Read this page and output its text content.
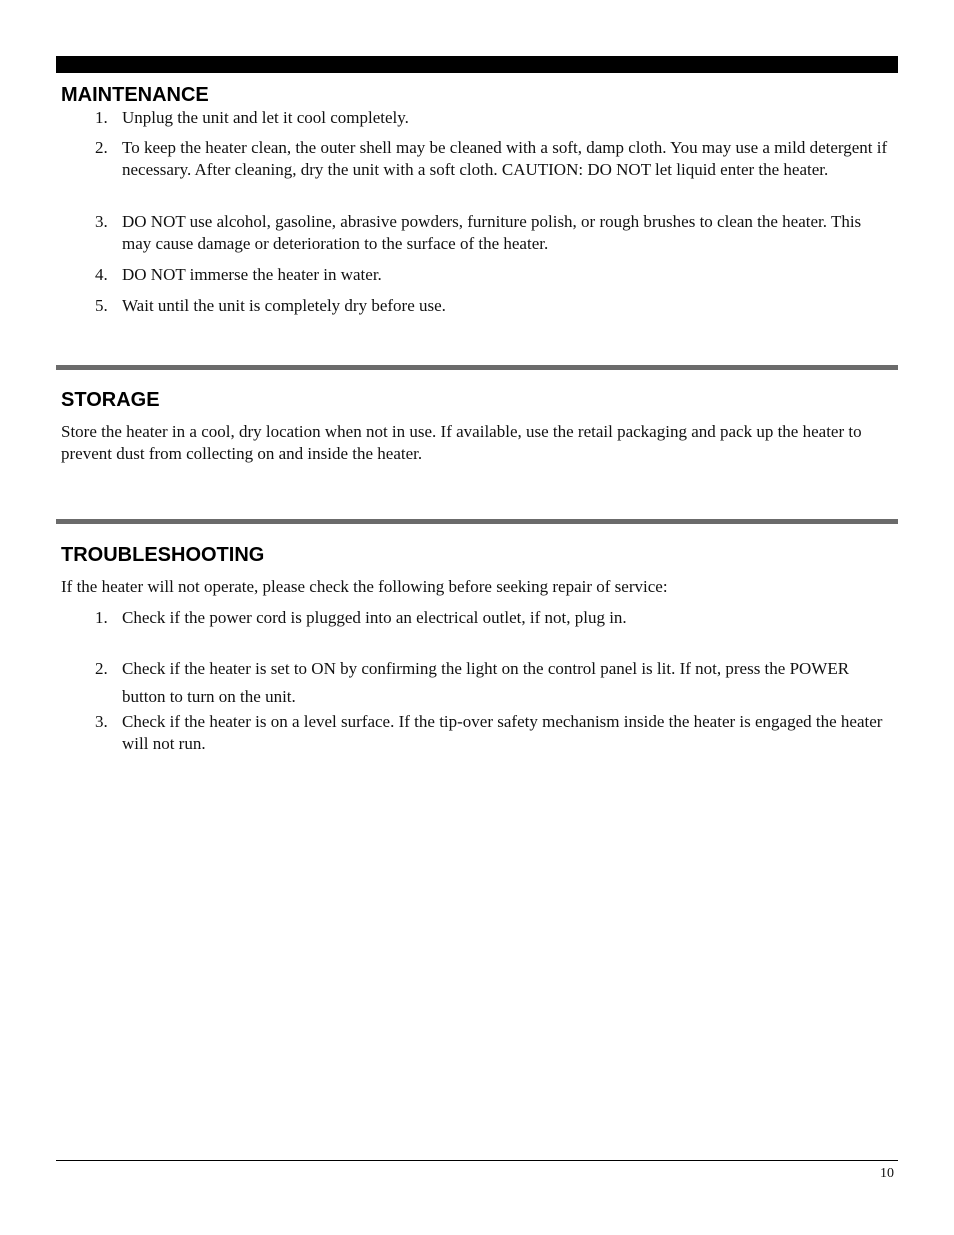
MAINTENANCE
1. Unplug the unit and let it cool completely.
2. To keep the heater clean, the outer shell may be cleaned with a soft, damp cloth. You may use a mild detergent if necessary. After cleaning, dry the unit with a soft cloth. CAUTION: DO NOT let liquid enter the heater.
3. DO NOT use alcohol, gasoline, abrasive powders, furniture polish, or rough brushes to clean the heater. This may cause damage or deterioration to the surface of the heater.
4. DO NOT immerse the heater in water.
5. Wait until the unit is completely dry before use.
STORAGE

Store the heater in a cool, dry location when not in use. If available, use the retail packaging and pack up the heater to prevent dust from collecting on and inside the heater.

TROUBLESHOOTING

If the heater will not operate, please check the following before seeking repair of service:

1. Check if the power cord is plugged into an electrical outlet, if not, plug in.
2. Check if the heater is set to ON by confirming the light on the control panel is lit. If not, press the POWER button to turn on the unit.
3. Check if the heater is on a level surface. If the tip-over safety mechanism inside the heater is engaged the heater will not run.
10
